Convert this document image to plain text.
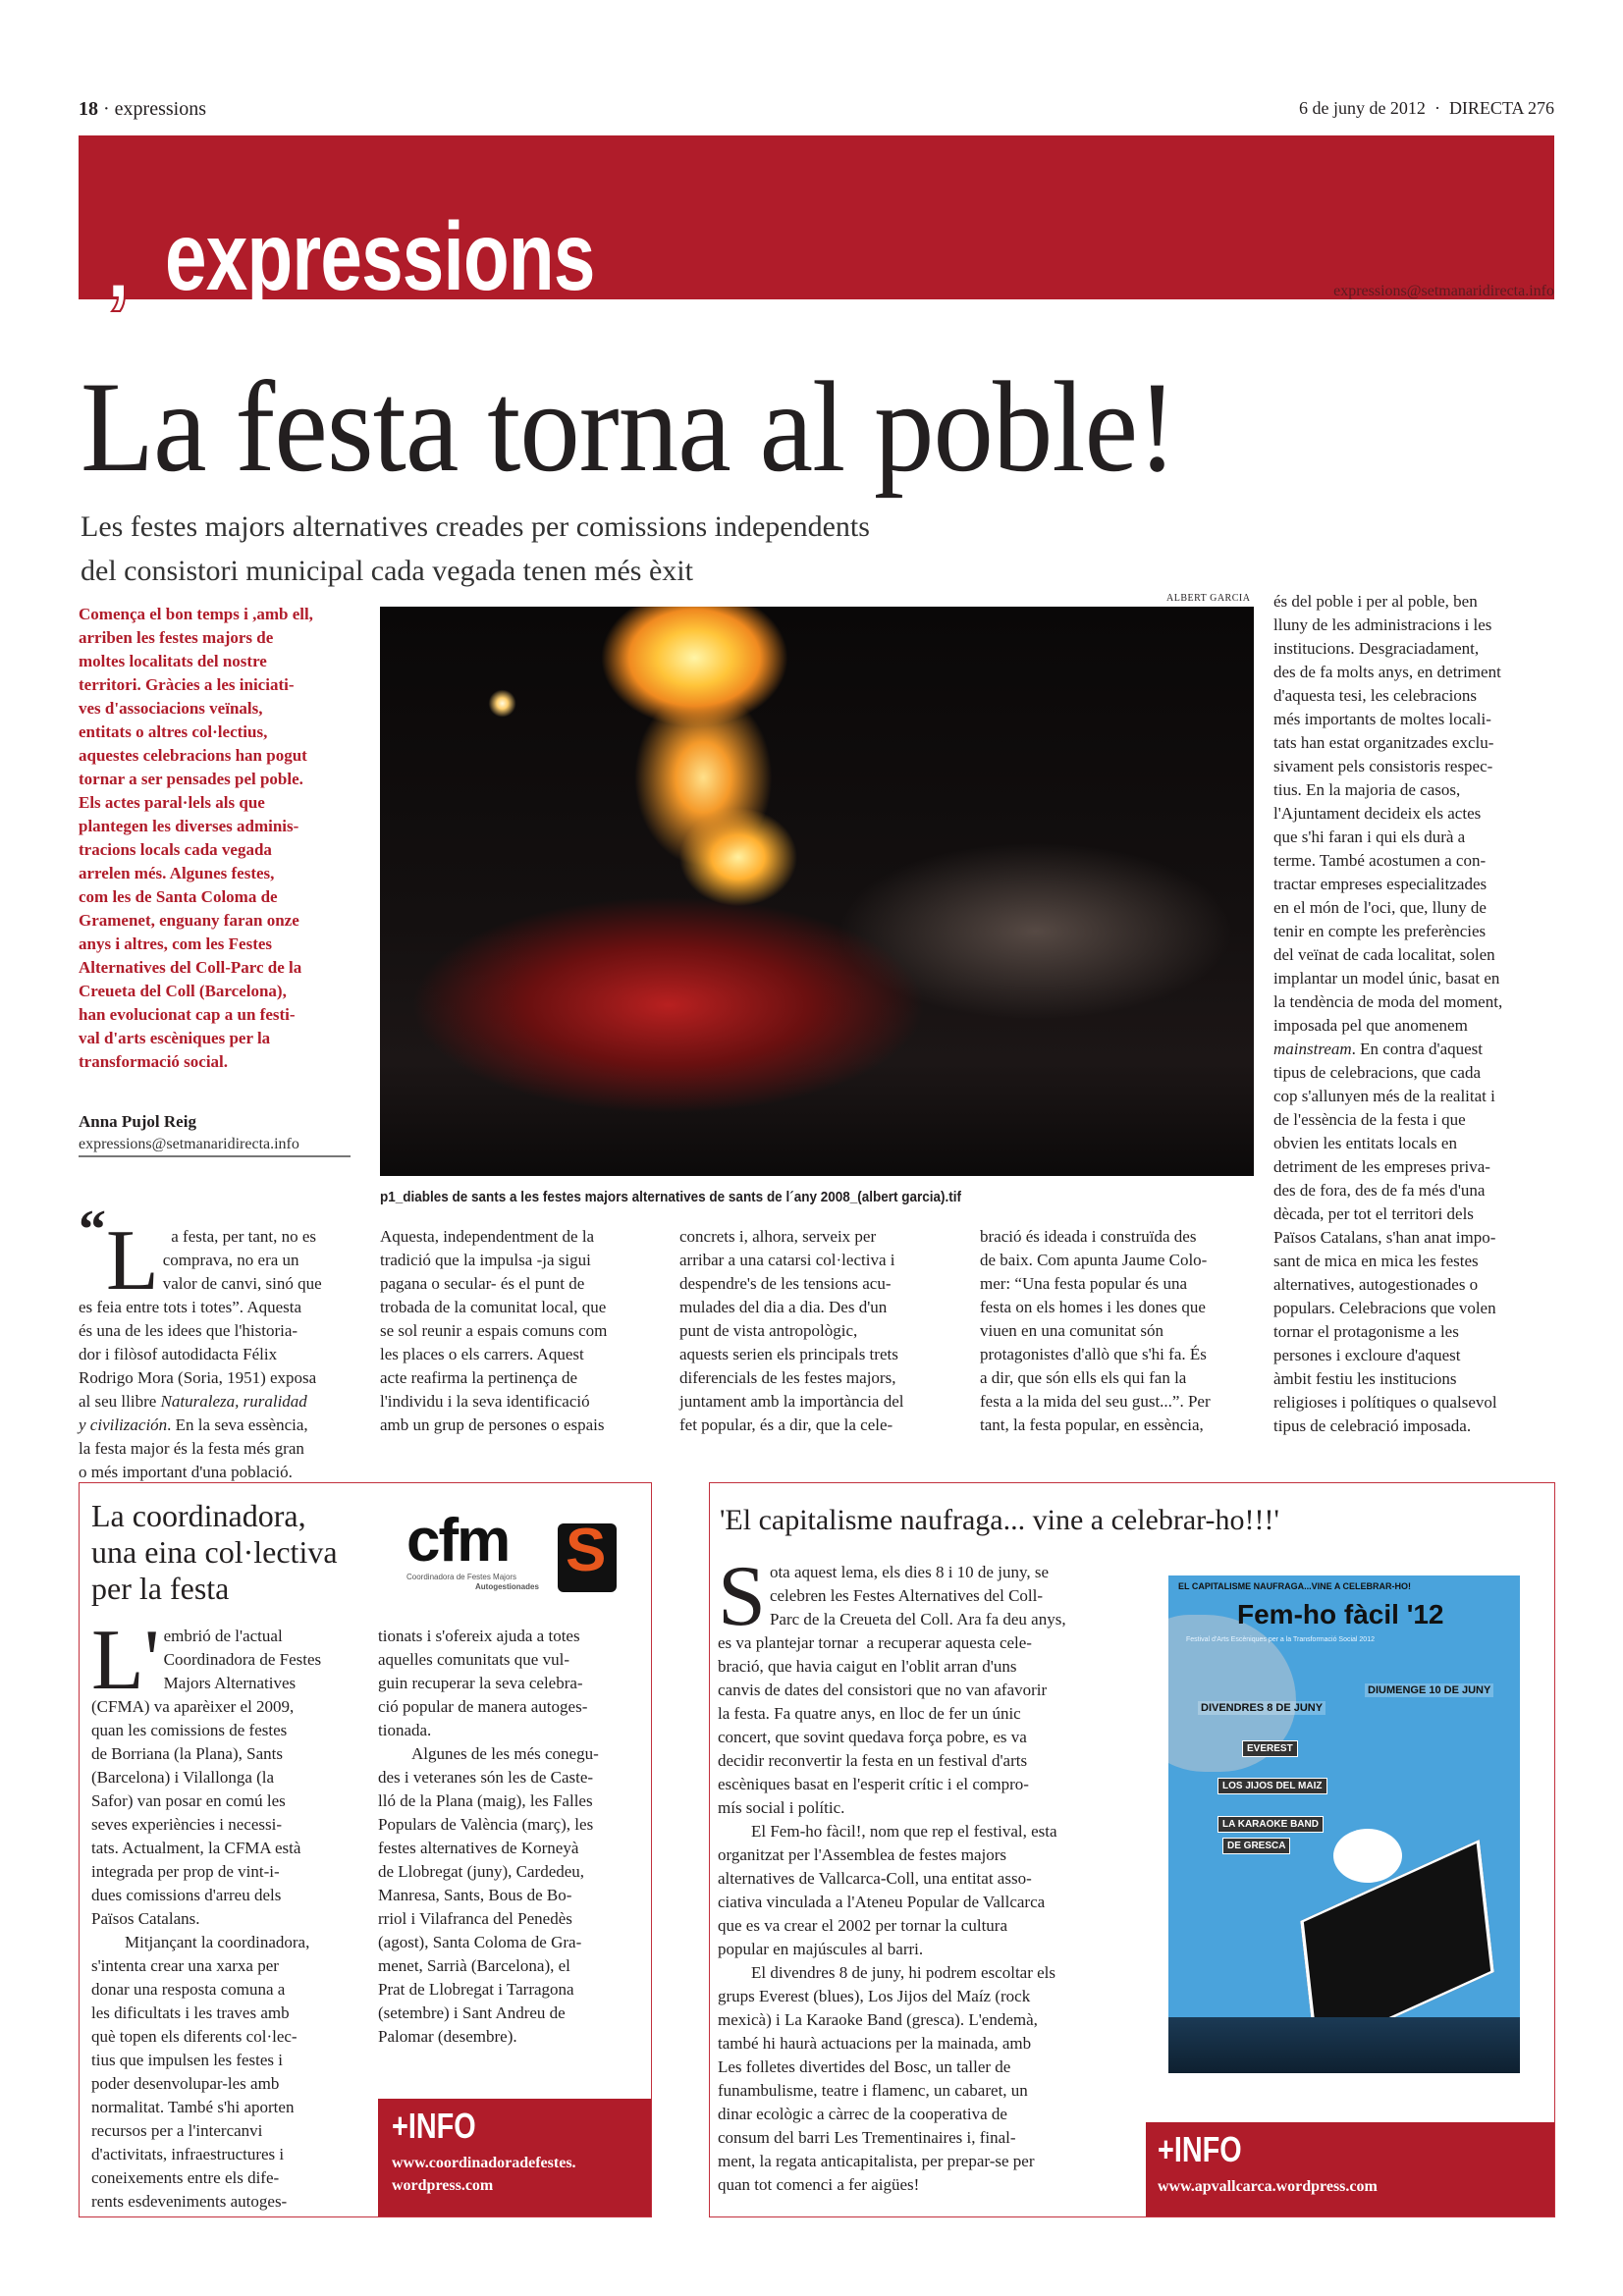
18 · expressions	6 de juny de 2012 · DIRECTA 276
, expressions	expressions@setmanaridirecta.info
La festa torna al poble!
Les festes majors alternatives creades per comissions independents
del consistori municipal cada vegada tenen més èxit
Comença el bon temps i ,amb ell,
arriben les festes majors de
moltes localitats del nostre
territori. Gràcies a les iniciati-
ves d'associacions veïnals,
entitats o altres col·lectius,
aquestes celebracions han pogut
tornar a ser pensades pel poble.
Els actes paral·lels als que
plantegen les diverses adminis-
tracions locals cada vegada
arrelen més. Algunes festes,
com les de Santa Coloma de
Gramenet, enguany faran onze
anys i altres, com les Festes
Alternatives del Coll-Parc de la
Creueta del Coll (Barcelona),
han evolucionat cap a un festi-
val d'arts escèniques per la
transformació social.
Anna Pujol Reig
expressions@setmanaridirecta.info
ALBERT GARCIA
p1_diables de sants a les festes majors alternatives de sants de l´any 2008_(albert garcia).tif

“

L a festa, per tant, no es
comprava, no era un
valor de canvi, sinó que
es feia entre tots i totes”. Aquesta
és una de les idees que l'historia-
dor i filòsof autodidacta Félix
Rodrigo Mora (Soria, 1951) exposa
al seu llibre Naturaleza, ruralidad
y civilización. En la seva essència,
la festa major és la festa més gran
o més important d'una població.

Aquesta, independentment de la
tradició que la impulsa -ja sigui
pagana o secular- és el punt de
trobada de la comunitat local, que
se sol reunir a espais comuns com
les places o els carrers. Aquest
acte reafirma la pertinença de
l'individu i la seva identificació
amb un grup de persones o espais
concrets i, alhora, serveix per
arribar a una catarsi col·lectiva i
despendre's de les tensions acu-
mulades del dia a dia. Des d'un
punt de vista antropològic,
aquests serien els principals trets
diferencials de les festes majors,
juntament amb la importància del
fet popular, és a dir, que la cele-
bració és ideada i construïda des
de baix. Com apunta Jaume Colo-
mer: “Una festa popular és una
festa on els homes i les dones que
viuen en una comunitat són
protagonistes d'allò que s'hi fa. És
a dir, que són ells els qui fan la
festa a la mida del seu gust...”. Per
tant, la festa popular, en essència,
és del poble i per al poble, ben
lluny de les administracions i les
institucions. Desgraciadament,
des de fa molts anys, en detriment
d'aquesta tesi, les celebracions
més importants de moltes locali-
tats han estat organitzades exclu-
sivament pels consistoris respec-
tius. En la majoria de casos,
l'Ajuntament decideix els actes
que s'hi faran i qui els durà a
terme. També acostumen a con-
tractar empreses especialitzades
en el món de l'oci, que, lluny de
tenir en compte les preferències
del veïnat de cada localitat, solen
implantar un model únic, basat en
la tendència de moda del moment,
imposada pel que anomenem
mainstream. En contra d'aquest
tipus de celebracions, que cada
cop s'allunyen més de la realitat i
de l'essència de la festa i que
obvien les entitats locals en
detriment de les empreses priva-
des de fora, des de fa més d'una
dècada, per tot el territori dels
Països Catalans, s'han anat impo-
sant de mica en mica les festes
alternatives, autogestionades o
populars. Celebracions que volen
tornar el protagonisme a les
persones i excloure d'aquest
àmbit festiu les institucions
religioses i polítiques o qualsevol
tipus de celebració imposada.
La coordinadora,
una eina col·lectiva
per la festa
cfm S
Coordinadora de Festes Majors
Autogestionades
L' embrió de l'actual
Coordinadora de Festes
Majors Alternatives
(CFMA) va aparèixer el 2009,
quan les comissions de festes
de Borriana (la Plana), Sants
(Barcelona) i Vilallonga (la
Safor) van posar en comú les
seves experiències i necessi-
tats. Actualment, la CFMA està
integrada per prop de vint-i-
dues comissions d'arreu dels
Països Catalans.
  Mitjançant la coordinadora,
s'intenta crear una xarxa per
donar una resposta comuna a
les dificultats i les traves amb
què topen els diferents col·lec-
tius que impulsen les festes i
poder desenvolupar-les amb
normalitat. També s'hi aporten
recursos per a l'intercanvi
d'activitats, infraestructures i
coneixements entre els dife-
rents esdeveniments autoges-
tionats i s'ofereix ajuda a totes
aquelles comunitats que vul-
guin recuperar la seva celebra-
ció popular de manera autoges-
tionada.
  Algunes de les més conegu-
des i veteranes són les de Caste-
lló de la Plana (maig), les Falles
Populars de València (març), les
festes alternatives de Korneyà
de Llobregat (juny), Cardedeu,
Manresa, Sants, Bous de Bo-
rriol i Vilafranca del Penedès
(agost), Santa Coloma de Gra-
menet, Sarrià (Barcelona), el
Prat de Llobregat i Tarragona
(setembre) i Sant Andreu de
Palomar (desembre).
+INFO
www.coordinadoradefestes.
wordpress.com
'El capitalisme naufraga... vine a celebrar-ho!!!'
Sota aquest lema, els dies 8 i 10 de juny, se
celebren les Festes Alternatives del Coll-
Parc de la Creueta del Coll. Ara fa deu anys,
es va plantejar tornar  a recuperar aquesta cele-
bració, que havia caigut en l'oblit arran d'uns
canvis de dates del consistori que no van afavorir
la festa. Fa quatre anys, en lloc de fer un únic
concert, que sovint quedava força pobre, es va
decidir reconvertir la festa en un festival d'arts
escèniques basat en l'esperit crític i el compro-
mís social i polític.
  El Fem-ho fàcil!, nom que rep el festival, esta
organitzat per l'Assemblea de festes majors
alternatives de Vallcarca-Coll, una entitat asso-
ciativa vinculada a l'Ateneu Popular de Vallcarca
que es va crear el 2002 per tornar la cultura
popular en majúscules al barri.
  El divendres 8 de juny, hi podrem escoltar els
grups Everest (blues), Los Jijos del Maíz (rock
mexicà) i La Karaoke Band (gresca). L'endemà,
també hi haurà actuacions per la mainada, amb
Les folletes divertides del Bosc, un taller de
funambulisme, teatre i flamenc, un cabaret, un
dinar ecològic a càrrec de la cooperativa de
consum del barri Les Trementinaires i, final-
ment, la regata anticapitalista, per prepar-se per
quan tot comenci a fer aigües!
EL CAPITALISME NAUFRAGA...VINE A CELEBRAR-HO!
Fem-ho fàcil '12
Festival d'Arts Escèniques per a la Transformació Social 2012
DIVENDRES 8 DE JUNY
DIUMENGE 10 DE JUNY
EVEREST
LOS JIJOS DEL MAIZ
LA KARAOKE BAND
DE GRESCA
+INFO
www.apvallcarca.wordpress.com
